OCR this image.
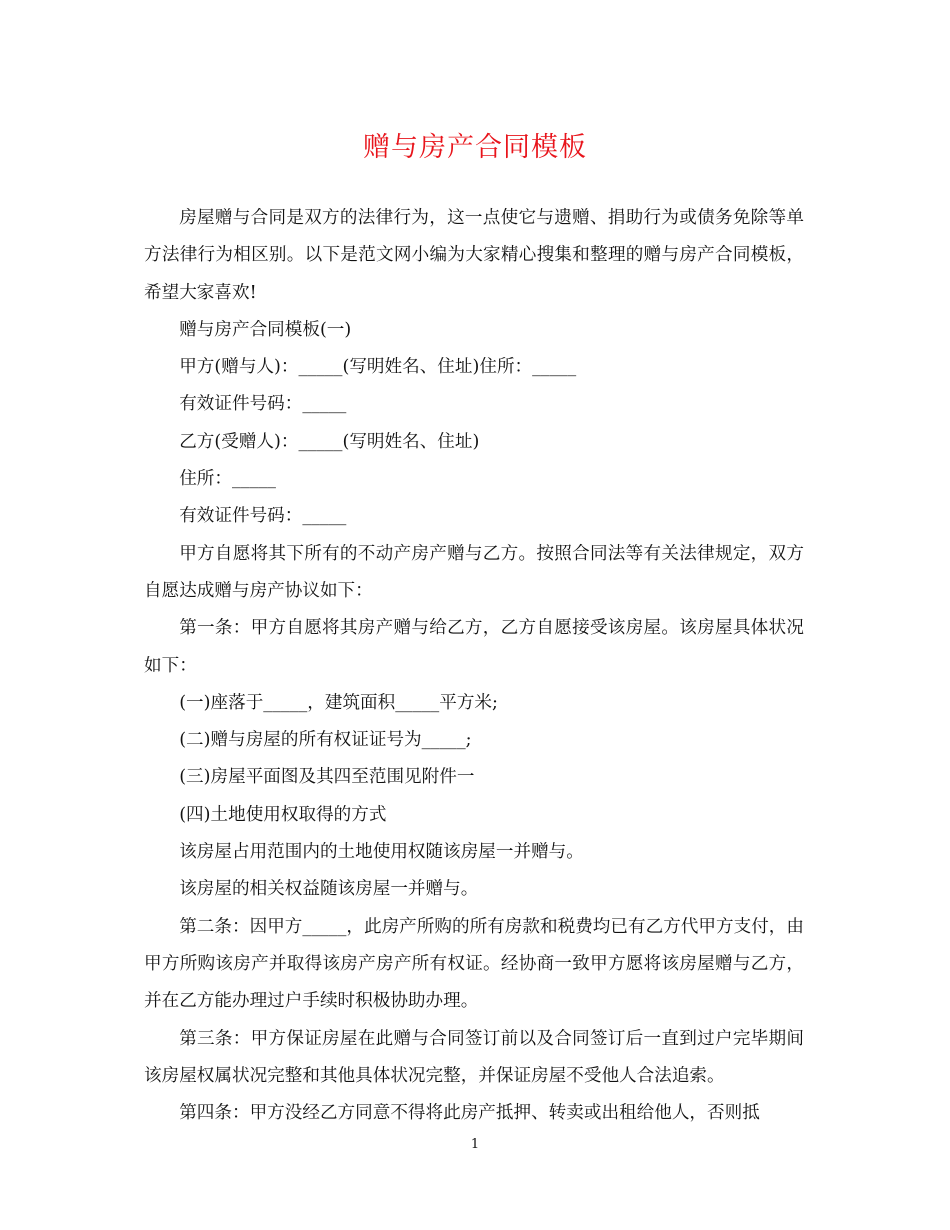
赠与房产合同模板

房屋赠与合同是双方的法律行为，这一点使它与遗赠、捐助行为或债务免除等单方法律行为相区别。以下是范文网小编为大家精心搜集和整理的赠与房产合同模板，希望大家喜欢!

赠与房产合同模板(一)

甲方(赠与人)：_____(写明姓名、住址)住所：_____

有效证件号码：_____

乙方(受赠人)：_____(写明姓名、住址)

住所：_____

有效证件号码：_____

甲方自愿将其下所有的不动产房产赠与乙方。按照合同法等有关法律规定，双方自愿达成赠与房产协议如下：

第一条：甲方自愿将其房产赠与给乙方，乙方自愿接受该房屋。该房屋具体状况如下：

(一)座落于_____，建筑面积_____平方米;

(二)赠与房屋的所有权证证号为_____;

(三)房屋平面图及其四至范围见附件一

(四)土地使用权取得的方式

该房屋占用范围内的土地使用权随该房屋一并赠与。

该房屋的相关权益随该房屋一并赠与。

第二条：因甲方_____，此房产所购的所有房款和税费均已有乙方代甲方支付，由甲方所购该房产并取得该房产房产所有权证。经协商一致甲方愿将该房屋赠与乙方，并在乙方能办理过户手续时积极协助办理。

第三条：甲方保证房屋在此赠与合同签订前以及合同签订后一直到过户完毕期间该房屋权属状况完整和其他具体状况完整，并保证房屋不受他人合法追索。

第四条：甲方没经乙方同意不得将此房产抵押、转卖或出租给他人，否则抵

1
